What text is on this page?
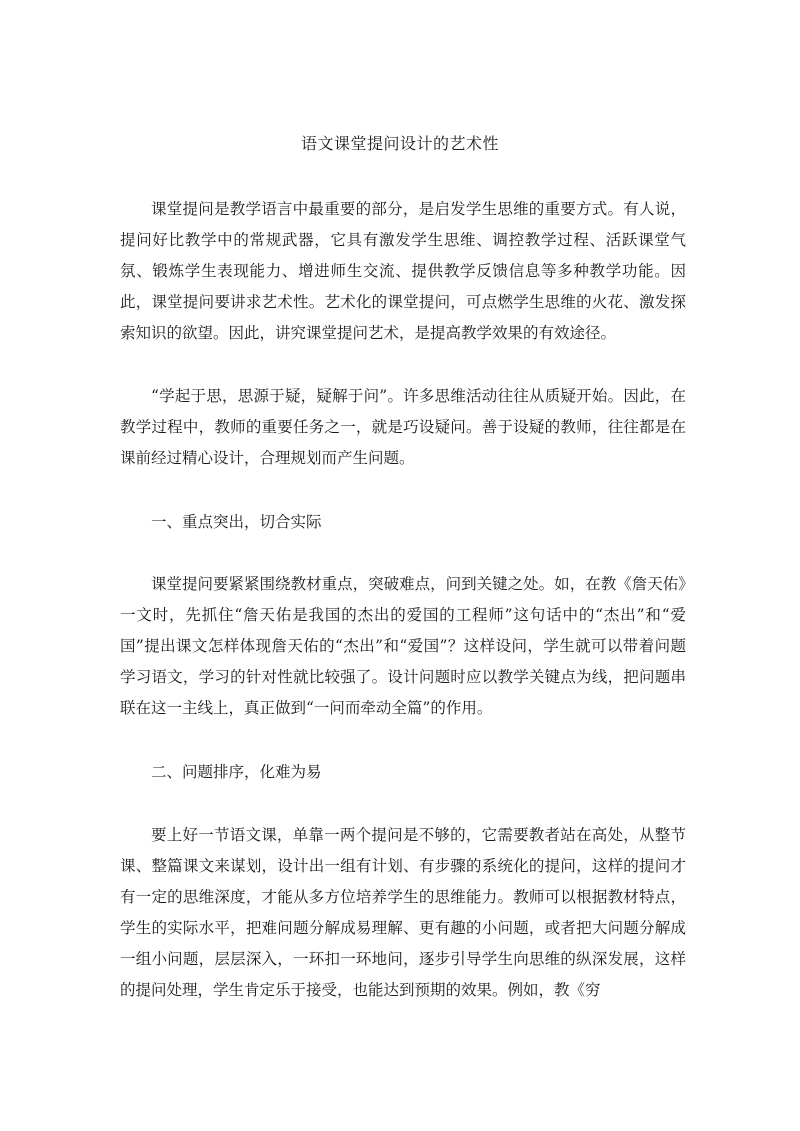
语文课堂提问设计的艺术性

课堂提问是教学语言中最重要的部分，是启发学生思维的重要方式。有人说，提问好比教学中的常规武器，它具有激发学生思维、调控教学过程、活跃课堂气氛、锻炼学生表现能力、增进师生交流、提供教学反馈信息等多种教学功能。因此，课堂提问要讲求艺术性。艺术化的课堂提问，可点燃学生思维的火花、激发探索知识的欲望。因此，讲究课堂提问艺术，是提高教学效果的有效途径。

“学起于思，思源于疑，疑解于问”。许多思维活动往往从质疑开始。因此，在教学过程中，教师的重要任务之一，就是巧设疑问。善于设疑的教师，往往都是在课前经过精心设计，合理规划而产生问题。

一、重点突出，切合实际

课堂提问要紧紧围绕教材重点，突破难点，问到关键之处。如，在教《詹天佑》一文时，先抓住“詹天佑是我国的杰出的爱国的工程师”这句话中的“杰出”和“爱国”提出课文怎样体现詹天佑的“杰出”和“爱国”？这样设问，学生就可以带着问题学习语文，学习的针对性就比较强了。设计问题时应以教学关键点为线，把问题串联在这一主线上，真正做到“一问而牵动全篇”的作用。

二、问题排序，化难为易

要上好一节语文课，单靠一两个提问是不够的，它需要教者站在高处，从整节课、整篇课文来谋划，设计出一组有计划、有步骤的系统化的提问，这样的提问才有一定的思维深度，才能从多方位培养学生的思维能力。教师可以根据教材特点，学生的实际水平，把难问题分解成易理解、更有趣的小问题，或者把大问题分解成一组小问题，层层深入，一环扣一环地问，逐步引导学生向思维的纵深发展，这样的提问处理，学生肯定乐于接受，也能达到预期的效果。例如，教《穷
